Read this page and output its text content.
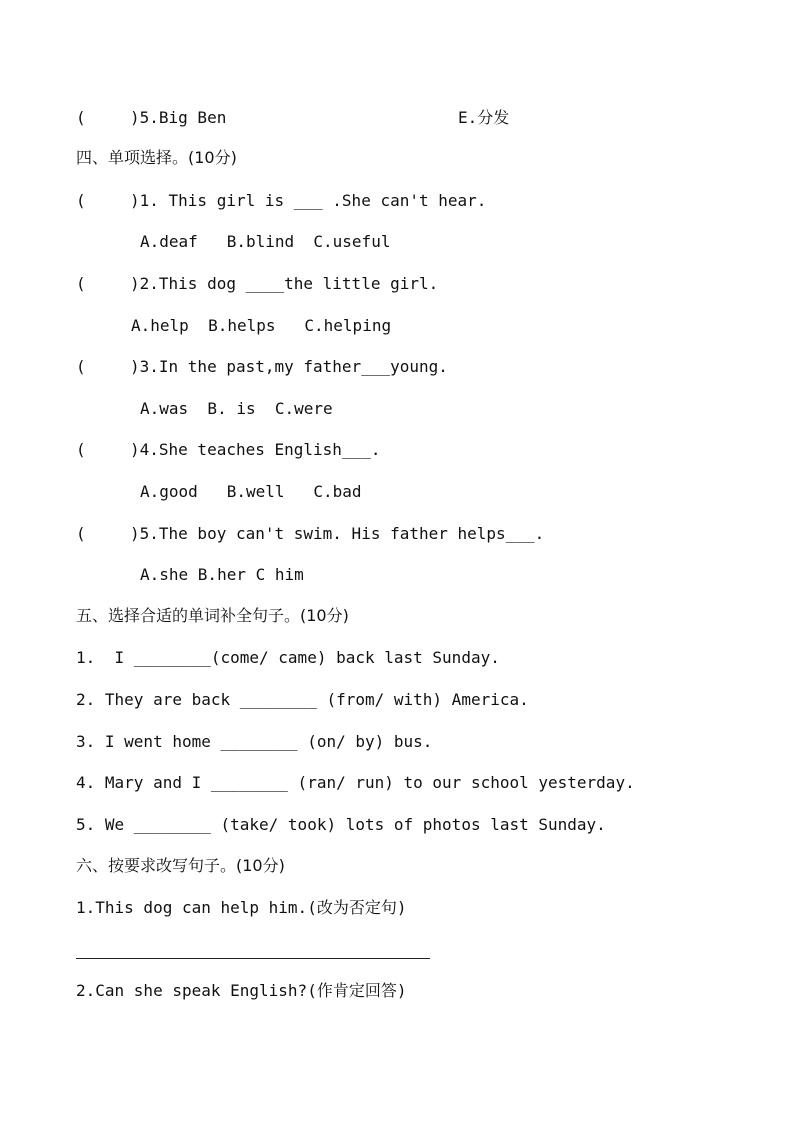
(	)5.Big Ben	E.分发
四、单项选择。(10分)
(	)1. This girl is ___ .She can't hear.
A.deaf   B.blind  C.useful
(	)2.This dog ____the little girl.
A.help  B.helps   C.helping
(	)3.In the past,my father___young.
A.was  B. is  C.were
(	)4.She teaches English___.
A.good   B.well   C.bad
(	)5.The boy can't swim. His father helps___.
A.she B.her C him
五、选择合适的单词补全句子。(10分)
1.  I ________(come/ came) back last Sunday.
2. They are back ________ (from/ with) America.
3. I went home ________ (on/ by) bus.
4. Mary and I ________ (ran/ run) to our school yesterday.
5. We ________ (take/ took) lots of photos last Sunday.
六、按要求改写句子。(10分)
1.This dog can help him.(改为否定句)
2.Can she speak English?(作肯定回答)
